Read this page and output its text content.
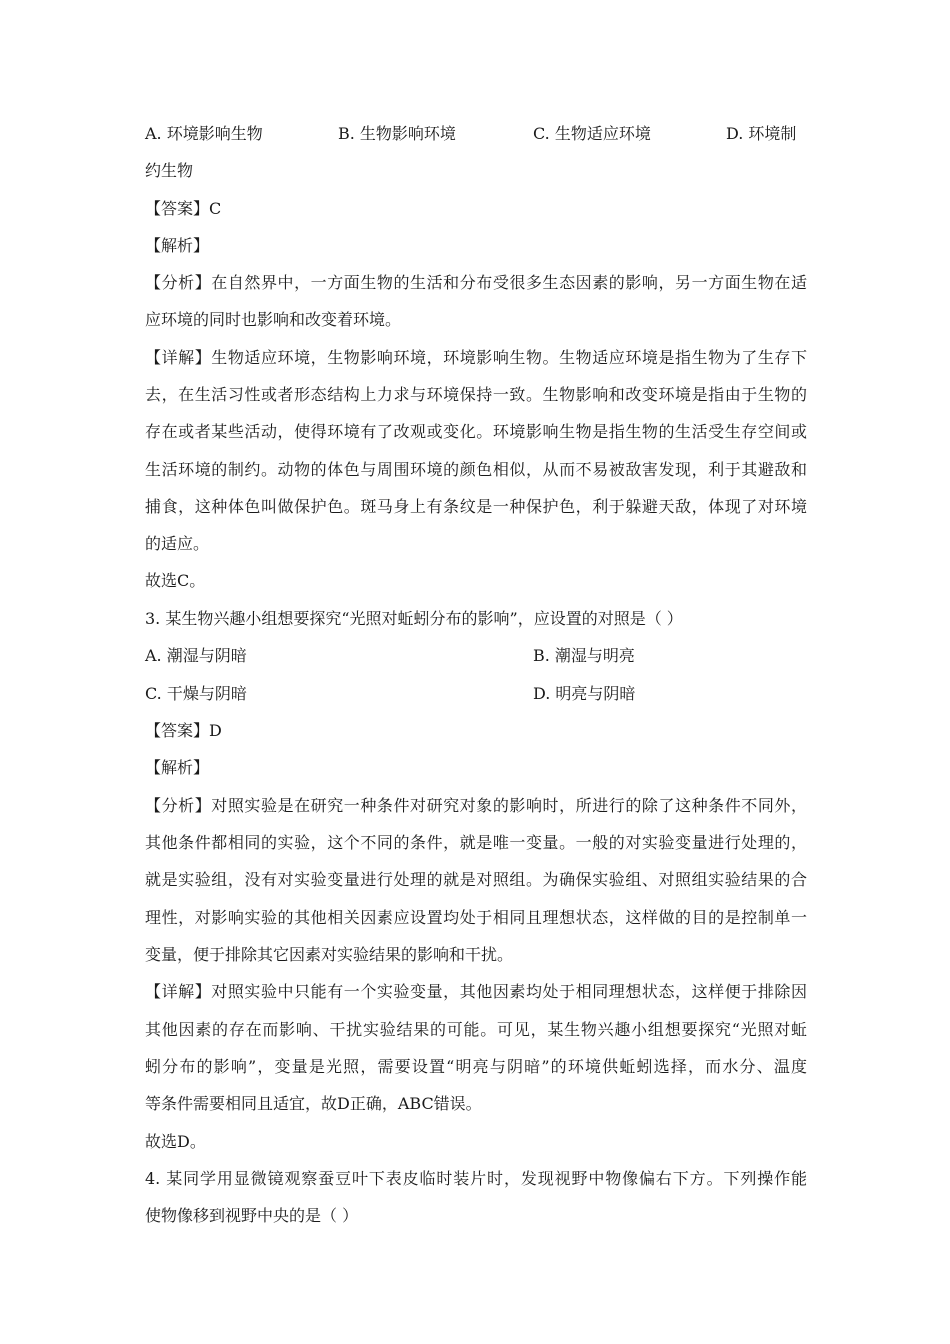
A. 环境影响生物	B. 生物影响环境	C. 生物适应环境	D. 环境制
约生物
【答案】C
【解析】
【分析】在自然界中，一方面生物的生活和分布受很多生态因素的影响，另一方面生物在适
应环境的同时也影响和改变着环境。
【详解】生物适应环境，生物影响环境，环境影响生物。生物适应环境是指生物为了生存下
去，在生活习性或者形态结构上力求与环境保持一致。生物影响和改变环境是指由于生物的
存在或者某些活动，使得环境有了改观或变化。环境影响生物是指生物的生活受生存空间或
生活环境的制约。动物的体色与周围环境的颜色相似，从而不易被敌害发现，利于其避敌和
捕食，这种体色叫做保护色。斑马身上有条纹是一种保护色，利于躲避天敌，体现了对环境
的适应。
故选C。
3. 某生物兴趣小组想要探究“光照对蚯蚓分布的影响”，应设置的对照是（ ）
A. 潮湿与阴暗	B. 潮湿与明亮
C. 干燥与阴暗	D. 明亮与阴暗
【答案】D
【解析】
【分析】对照实验是在研究一种条件对研究对象的影响时，所进行的除了这种条件不同外，
其他条件都相同的实验，这个不同的条件，就是唯一变量。一般的对实验变量进行处理的，
就是实验组，没有对实验变量进行处理的就是对照组。为确保实验组、对照组实验结果的合
理性，对影响实验的其他相关因素应设置均处于相同且理想状态，这样做的目的是控制单一
变量，便于排除其它因素对实验结果的影响和干扰。
【详解】对照实验中只能有一个实验变量，其他因素均处于相同理想状态，这样便于排除因
其他因素的存在而影响、干扰实验结果的可能。可见，某生物兴趣小组想要探究“光照对蚯
蚓分布的影响”，变量是光照，需要设置“明亮与阴暗”的环境供蚯蚓选择，而水分、温度
等条件需要相同且适宜，故D正确，ABC错误。
故选D。
4. 某同学用显微镜观察蚕豆叶下表皮临时装片时，发现视野中物像偏右下方。下列操作能
使物像移到视野中央的是（ ）
